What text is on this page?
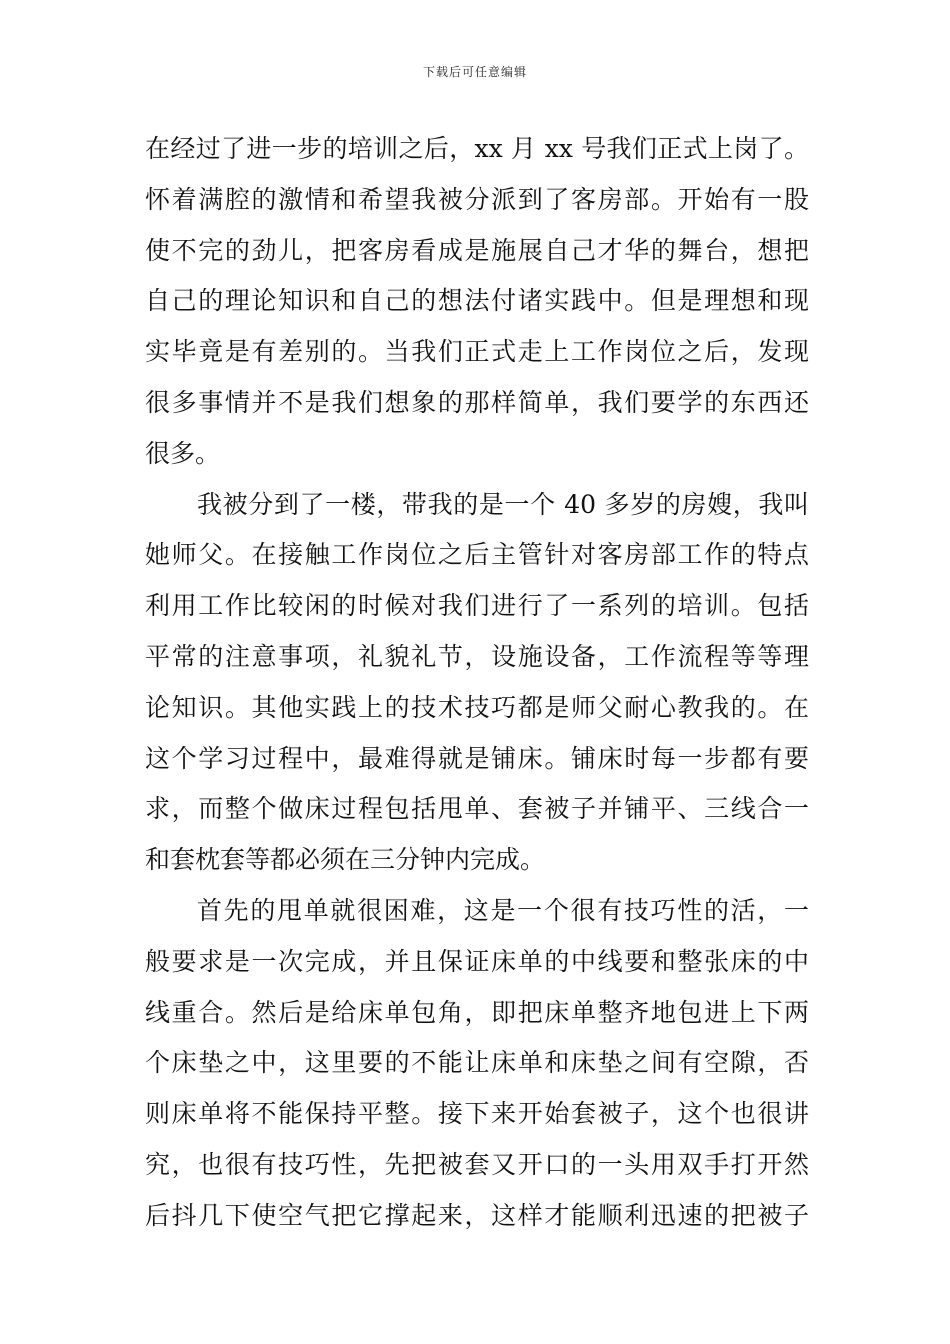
下载后可任意编辑
在经过了进一步的培训之后，xx 月 xx 号我们正式上岗了。
怀着满腔的激情和希望我被分派到了客房部。开始有一股
使不完的劲儿，把客房看成是施展自己才华的舞台，想把
自己的理论知识和自己的想法付诸实践中。但是理想和现
实毕竟是有差别的。当我们正式走上工作岗位之后，发现
很多事情并不是我们想象的那样简单，我们要学的东西还
很多。
我被分到了一楼，带我的是一个 40 多岁的房嫂，我叫
她师父。在接触工作岗位之后主管针对客房部工作的特点
利用工作比较闲的时候对我们进行了一系列的培训。包括
平常的注意事项，礼貌礼节，设施设备，工作流程等等理
论知识。其他实践上的技术技巧都是师父耐心教我的。在
这个学习过程中，最难得就是铺床。铺床时每一步都有要
求，而整个做床过程包括甩单、套被子并铺平、三线合一
和套枕套等都必须在三分钟内完成。
首先的甩单就很困难，这是一个很有技巧性的活，一
般要求是一次完成，并且保证床单的中线要和整张床的中
线重合。然后是给床单包角，即把床单整齐地包进上下两
个床垫之中，这里要的不能让床单和床垫之间有空隙，否
则床单将不能保持平整。接下来开始套被子，这个也很讲
究，也很有技巧性，先把被套又开口的一头用双手打开然
后抖几下使空气把它撑起来，这样才能顺利迅速的把被子
